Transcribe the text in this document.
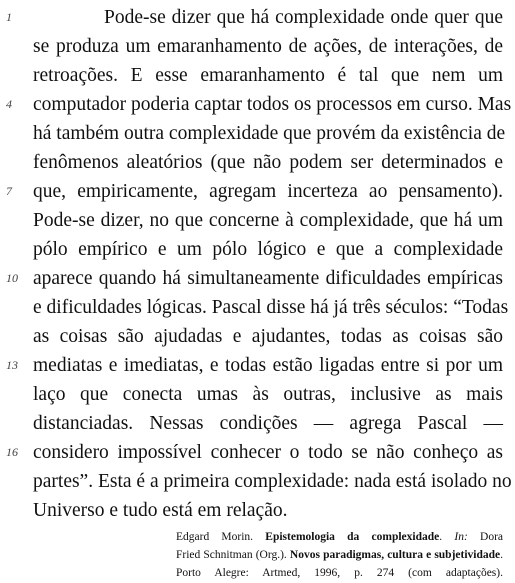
1	Pode-se dizer que há complexidade onde quer que
se produza um emaranhamento de ações, de interações, de
retroações. E esse emaranhamento é tal que nem um
4	computador poderia captar todos os processos em curso. Mas
há também outra complexidade que provém da existência de
fenômenos aleatórios (que não podem ser determinados e
7	que, empiricamente, agregam incerteza ao pensamento).
Pode-se dizer, no que concerne à complexidade, que há um
pólo empírico e um pólo lógico e que a complexidade
10 aparece quando há simultaneamente dificuldades empíricas
e dificuldades lógicas. Pascal disse há já três séculos: “Todas
as coisas são ajudadas e ajudantes, todas as coisas são
13 mediatas e imediatas, e todas estão ligadas entre si por um
laço que conecta umas às outras, inclusive as mais
distanciadas. Nessas condições — agrega Pascal —
16 considero impossível conhecer o todo se não conheço as
partes”. Esta é a primeira complexidade: nada está isolado no
Universo e tudo está em relação.
Edgard Morin. Epistemologia da complexidade. In: Dora
Fried Schnitman (Org.). Novos paradigmas, cultura e subjetividade.
Porto Alegre: Artmed, 1996, p. 274 (com adaptações).
